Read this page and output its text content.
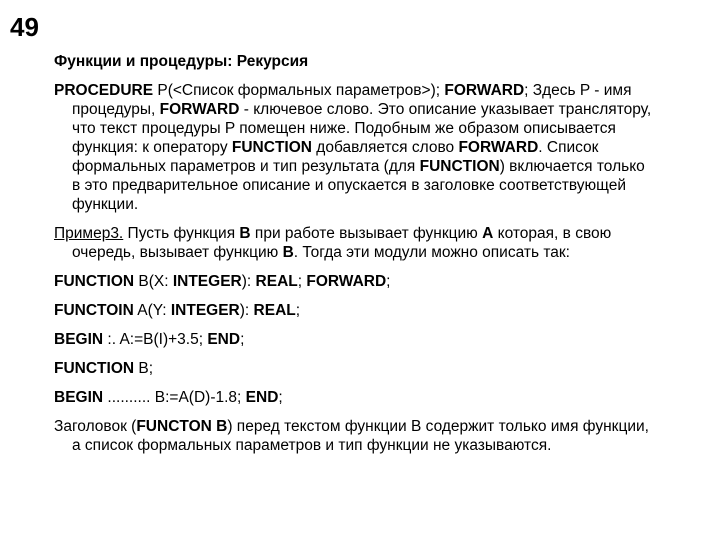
49
Функции и процедуры: Рекурсия
PROCEDURE P(<Список формальных параметров>); FORWARD; Здесь P - имя процедуры, FORWARD - ключевое слово. Это описание указывает транслятору, что текст процедуры P помещен ниже. Подобным же образом описывается функция: к оператору FUNCTION добавляется слово FORWARD. Список формальных параметров и тип результата (для FUNCTION) включается только в это предварительное описание и опускается в заголовке соответствующей функции.
Пример3. Пусть функция B при работе вызывает функцию A которая, в свою очередь, вызывает функцию B. Тогда эти модули можно описать так:
FUNCTION B(X: INTEGER): REAL; FORWARD;
FUNCTOIN A(Y: INTEGER): REAL;
BEGIN :. A:=B(I)+3.5; END;
FUNCTION B;
BEGIN .......... B:=A(D)-1.8; END;
Заголовок (FUNCTON B) перед текстом функции B содержит только имя функции, а список формальных параметров и тип функции не указываются.
